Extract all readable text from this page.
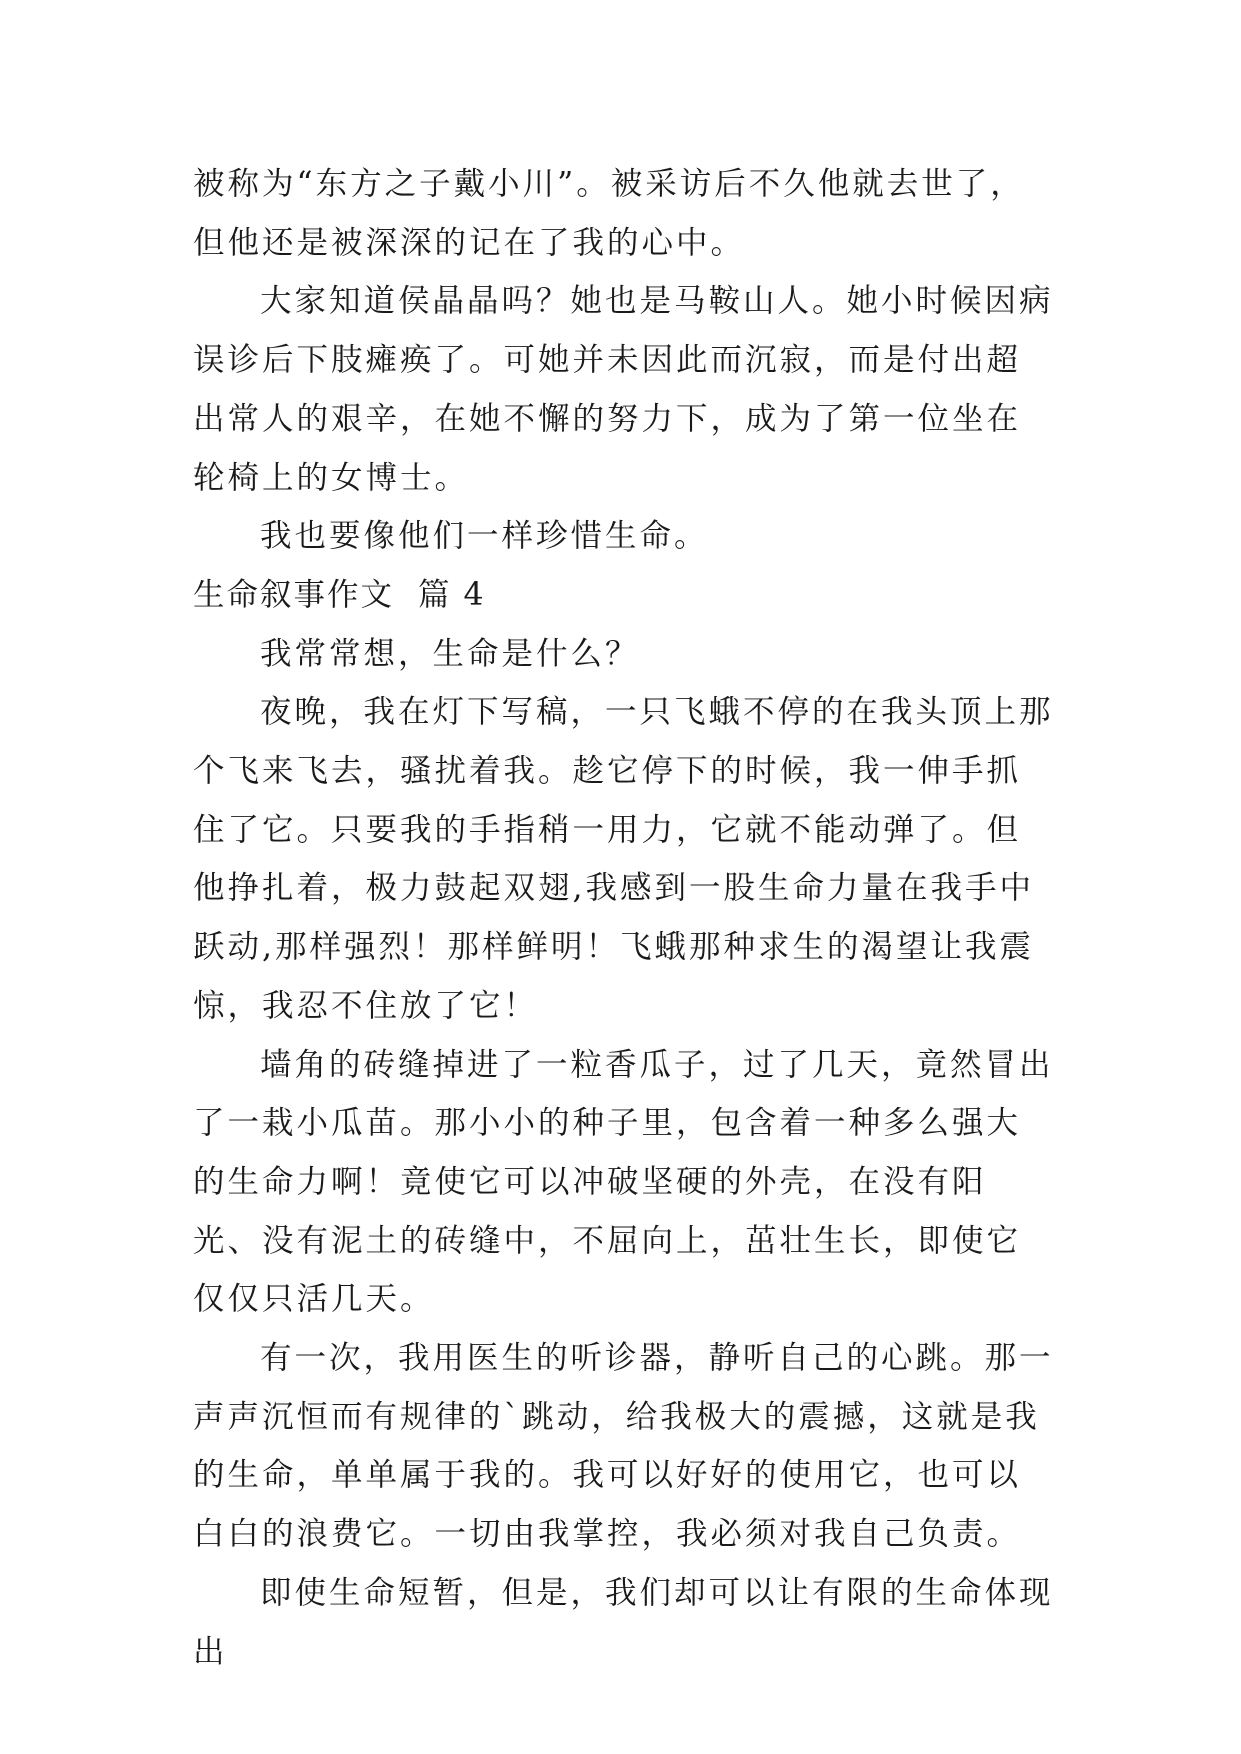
被称为“东方之子戴小川”。被采访后不久他就去世了，但他还是被深深的记在了我的心中。

大家知道侯晶晶吗？她也是马鞍山人。她小时候因病误诊后下肢瘫痪了。可她并未因此而沉寂，而是付出超出常人的艰辛，在她不懈的努力下，成为了第一位坐在轮椅上的女博士。

我也要像他们一样珍惜生命。

生命叙事作文  篇 4

我常常想，生命是什么？

夜晚，我在灯下写稿，一只飞蛾不停的在我头顶上那个飞来飞去，骚扰着我。趁它停下的时候，我一伸手抓住了它。只要我的手指稍一用力，它就不能动弹了。但他挣扎着，极力鼓起双翅,我感到一股生命力量在我手中跃动,那样强烈！那样鲜明！飞蛾那种求生的渴望让我震惊，我忍不住放了它！

墙角的砖缝掉进了一粒香瓜子，过了几天，竟然冒出了一栽小瓜苗。那小小的种子里，包含着一种多么强大的生命力啊！竟使它可以冲破坚硬的外壳，在没有阳光、没有泥土的砖缝中，不屈向上，茁壮生长，即使它仅仅只活几天。

有一次，我用医生的听诊器，静听自己的心跳。那一声声沉恒而有规律的`跳动，给我极大的震撼，这就是我的生命，单单属于我的。我可以好好的使用它，也可以白白的浪费它。一切由我掌控，我必须对我自己负责。

即使生命短暂，但是，我们却可以让有限的生命体现出
